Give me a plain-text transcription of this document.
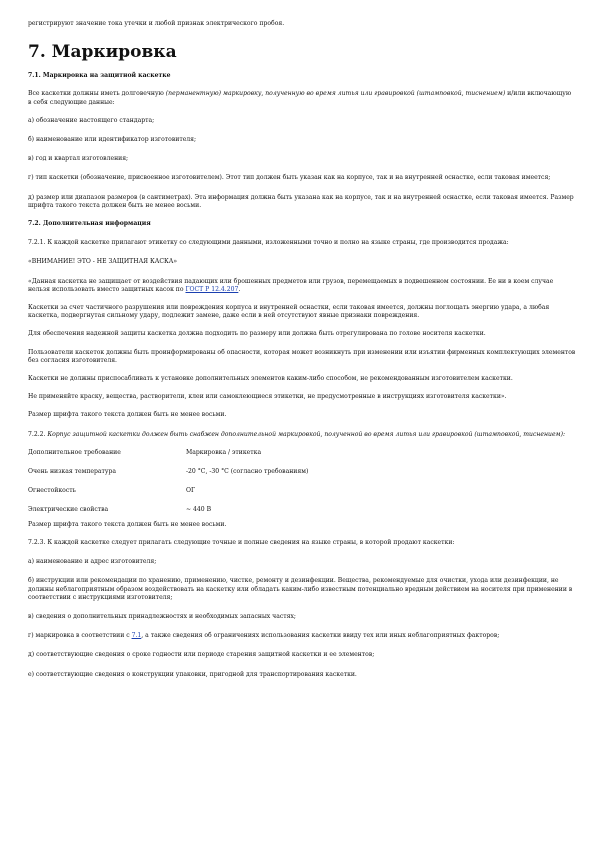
регистрируют значение тока утечки и любой признак электрического пробоя.

7. Маркировка

7.1. Маркировка на защитной каскетке

Все каскетки должны иметь долговечную (перманентную) маркировку, полученную во время литья или гравировкой (штамповкой, тиснением) и/или включающую в себя следующие данные:

а) обозначение настоящего стандарта;

б) наименование или идентификатор изготовителя;

в) год и квартал изготовления;

г) тип каскетки (обозначение, присвоенное изготовителем). Этот тип должен быть указан как на корпусе, так и на внутренней оснастке, если таковая имеется;

д) размер или диапазон размеров (в сантиметрах). Эта информация должна быть указана как на корпусе, так и на внутренней оснастке, если таковая имеется. Размер шрифта такого текста должен быть не менее восьми.

7.2. Дополнительная информация

7.2.1. К каждой каскетке прилагают этикетку со следующими данными, изложенными точно и полно на языке страны, где производится продажа:

«ВНИМАНИЕ! ЭТО - НЕ ЗАЩИТНАЯ КАСКА»

«Данная каскетка не защищает от воздействия падающих или брошенных предметов или грузов, перемещаемых в подвешенном состоянии. Ее ни в коем случае нельзя использовать вместо защитных касок по ГОСТ Р 12.4.207.

Каскетки за счет частичного разрушения или повреждения корпуса и внутренней оснастки, если таковая имеется, должны поглощать энергию удара, а любая каскетка, подвергнутая сильному удару, подлежит замене, даже если в ней отсутствуют явные признаки повреждения.

Для обеспечения надежной защиты каскетка должна подходить по размеру или должна быть отрегулирована по голове носителя каскетки.

Пользователи каскеток должны быть проинформированы об опасности, которая может возникнуть при изменении или изъятии фирменных комплектующих элементов без согласия изготовителя.

Каскетки не должны приспосабливать к установке дополнительных элементов каким-либо способом, не рекомендованным изготовителем каскетки.

Не применяйте краску, вещества, растворители, клеи или самоклеющиеся этикетки, не предусмотренные в инструкциях изготовителя каскетки».

Размер шрифта такого текста должен быть не менее восьми.

7.2.2. Корпус защитной каскетки должен быть снабжен дополнительной маркировкой, полученной во время литья или гравировкой (штамповкой, тиснением):

Дополнительное требование	Маркировка / этикетка
Очень низкая температура	-20 °С, -30 °С (согласно требованиям)
Огнестойкость	ОГ
Электрические свойства	~ 440 В

Размер шрифта такого текста должен быть не менее восьми.

7.2.3. К каждой каскетке следует прилагать следующие точные и полные сведения на языке страны, в которой продают каскетки:

а) наименование и адрес изготовителя;

б) инструкции или рекомендации по хранению, применению, чистке, ремонту и дезинфекции. Вещества, рекомендуемые для очистки, ухода или дезинфекции, не должны неблагоприятным образом воздействовать на каскетку или обладать каким-либо известным потенциально вредным действием на носителя при применении в соответствии с инструкциями изготовителя;

в) сведения о дополнительных принадлежностях и необходимых запасных частях;

г) маркировка в соответствии с 7.1, а также сведения об ограничениях использования каскетки ввиду тех или иных неблагоприятных факторов;

д) соответствующие сведения о сроке годности или периоде старения защитной каскетки и ее элементов;

е) соответствующие сведения о конструкции упаковки, пригодной для транспортирования каскетки.
